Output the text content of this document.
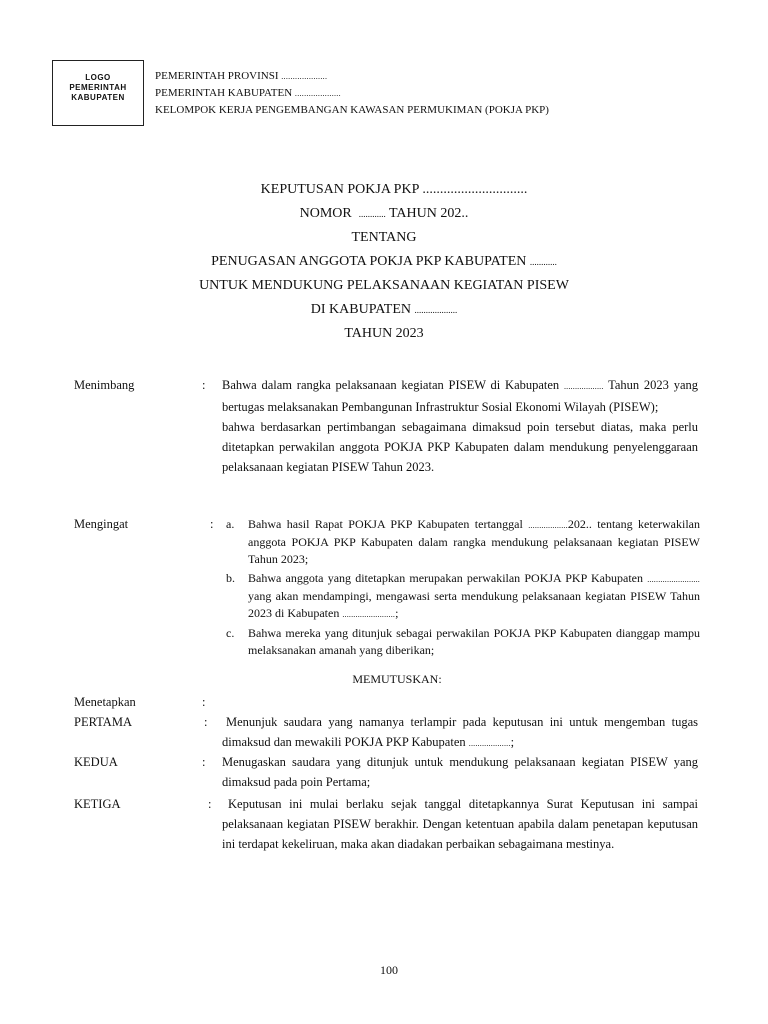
LOGO
PEMERINTAH
KABUPATEN
PEMERINTAH PROVINSI ....................
PEMERINTAH KABUPATEN ....................
KELOMPOK KERJA PENGEMBANGAN KAWASAN PERMUKIMAN (POKJA PKP)
KEPUTUSAN POKJA PKP ..............................
NOMOR ............ TAHUN 202..
TENTANG
PENUGASAN ANGGOTA POKJA PKP KABUPATEN ............
UNTUK MENDUKUNG PELAKSANAAN KEGIATAN PISEW
DI KABUPATEN ...................
TAHUN 2023
Menimbang	: Bahwa dalam rangka pelaksanaan kegiatan PISEW di Kabupaten .................. Tahun 2023 yang bertugas melaksanakan Pembangunan Infrastruktur Sosial Ekonomi Wilayah (PISEW);

bahwa berdasarkan pertimbangan sebagaimana dimaksud poin tersebut diatas, maka perlu ditetapkan perwakilan anggota POKJA PKP Kabupaten dalam mendukung penyelenggaraan pelaksanaan kegiatan PISEW Tahun 2023.

Mengingat	: a. Bahwa hasil Rapat POKJA PKP Kabupaten tertanggal ..................202.. tentang keterwakilan anggota POKJA PKP Kabupaten dalam rangka mendukung pelaksanaan kegiatan PISEW Tahun 2023;
b. Bahwa anggota yang ditetapkan merupakan perwakilan POKJA PKP Kabupaten ........................ yang akan mendampingi, mengawasi serta mendukung pelaksanaan kegiatan PISEW Tahun 2023 di Kabupaten ........................;
c. Bahwa mereka yang ditunjuk sebagai perwakilan POKJA PKP Kabupaten dianggap mampu melaksanakan amanah yang diberikan;
MEMUTUSKAN:
Menetapkan	:
PERTAMA	:	Menunjuk saudara yang namanya terlampir pada keputusan ini untuk mengemban tugas dimaksud dan mewakili POKJA PKP Kabupaten ...................;
KEDUA	: Menugaskan saudara yang ditunjuk untuk mendukung pelaksanaan kegiatan PISEW yang dimaksud pada poin Pertama;
KETIGA	:	Keputusan ini mulai berlaku sejak tanggal ditetapkannya Surat Keputusan ini sampai pelaksanaan kegiatan PISEW berakhir. Dengan ketentuan apabila dalam penetapan keputusan ini terdapat kekeliruan, maka akan diadakan perbaikan sebagaimana mestinya.
100
